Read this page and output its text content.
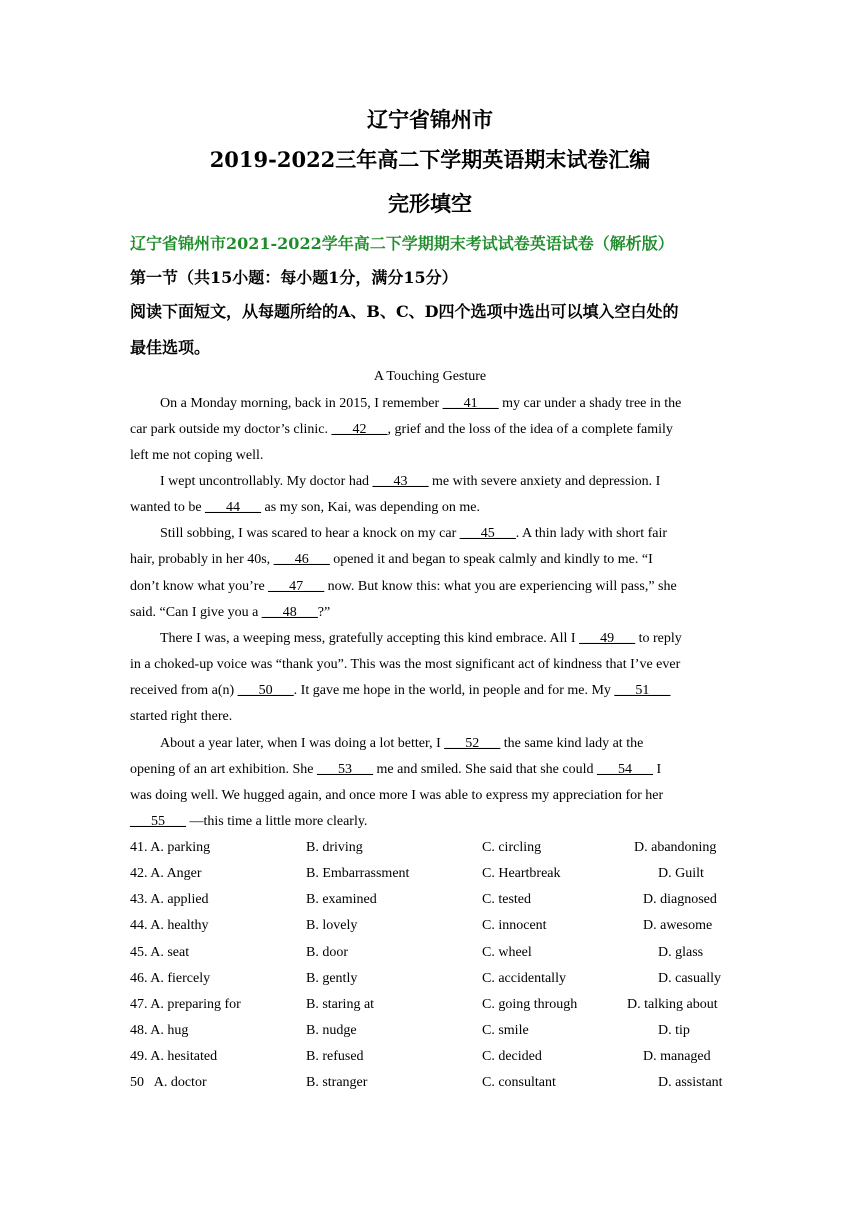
辽宁省锦州市
2019-2022三年高二下学期英语期末试卷汇编
完形填空
辽宁省锦州市2021-2022学年高二下学期期末考试试卷英语试卷（解析版）
第一节（共15小题：每小题1分，满分15分）
阅读下面短文，从每题所给的A、B、C、D四个选项中选出可以填入空白处的
最佳选项。
A Touching Gesture
On a Monday morning, back in 2015, I remember ___41___ my car under a shady tree in the
car park outside my doctor’s clinic. ___42___, grief and the loss of the idea of a complete family
left me not coping well.
I wept uncontrollably. My doctor had ___43___ me with severe anxiety and depression. I
wanted to be ___44___ as my son, Kai, was depending on me.
Still sobbing, I was scared to hear a knock on my car ___45___. A thin lady with short fair
hair, probably in her 40s, ___46___ opened it and began to speak calmly and kindly to me. “I
don’t know what you’re ___47___ now. But know this: what you are experiencing will pass,” she
said. “Can I give you a ___48___?”
There I was, a weeping mess, gratefully accepting this kind embrace. All I ___49___ to reply
in a choked-up voice was “thank you”. This was the most significant act of kindness that I’ve ever
received from a(n) ___50___. It gave me hope in the world, in people and for me. My ___51___
started right there.
About a year later, when I was doing a lot better, I ___52___ the same kind lady at the
opening of an art exhibition. She ___53___ me and smiled. She said that she could ___54___ I
was doing well. We hugged again, and once more I was able to express my appreciation for her
___55___ —this time a little more clearly.
41. A. parking	B. driving	C. circling	D. abandoning
42. A. Anger	B. Embarrassment	C. Heartbreak	D. Guilt
43. A. applied	B. examined	C. tested	D. diagnosed
44. A. healthy	B. lovely	C. innocent	D. awesome
45. A. seat	B. door	C. wheel	D. glass
46. A. fiercely	B. gently	C. accidentally	D. casually
47. A. preparing for	B. staring at	C. going through	D. talking about
48. A. hug	B. nudge	C. smile	D. tip
49. A. hesitated	B. refused	C. decided	D. managed
50   A. doctor	B. stranger	C. consultant	D. assistant
